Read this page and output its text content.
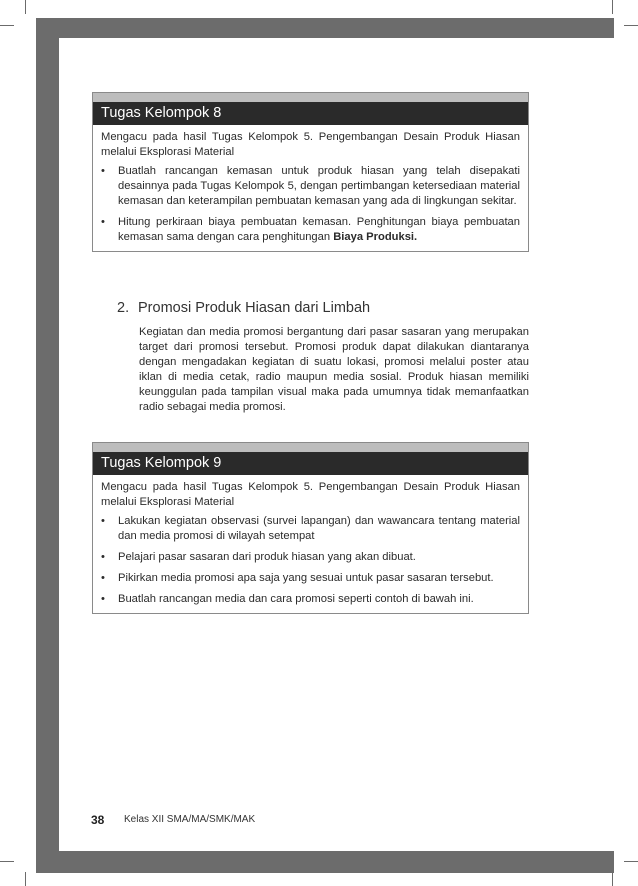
Tugas Kelompok 8

Mengacu pada hasil Tugas Kelompok 5. Pengembangan Desain Produk Hiasan melalui Eksplorasi Material

• Buatlah rancangan kemasan untuk produk hiasan yang telah disepakati desainnya pada Tugas Kelompok 5, dengan pertimbangan ketersediaan material kemasan dan keterampilan pembuatan kemasan yang ada di lingkungan sekitar.
• Hitung perkiraan biaya pembuatan kemasan. Penghitungan biaya pembuatan kemasan sama dengan cara penghitungan Biaya Produksi.
2. Promosi Produk Hiasan dari Limbah

Kegiatan dan media promosi bergantung dari pasar sasaran yang merupakan target dari promosi tersebut. Promosi produk dapat dilakukan diantaranya dengan mengadakan kegiatan di suatu lokasi, promosi melalui poster atau iklan di media cetak, radio maupun media sosial. Produk hiasan memiliki keunggulan pada tampilan visual maka pada umumnya tidak memanfaatkan radio sebagai media promosi.

Tugas Kelompok 9

Mengacu pada hasil Tugas Kelompok 5. Pengembangan Desain Produk Hiasan melalui Eksplorasi Material

• Lakukan kegiatan observasi (survei lapangan) dan wawancara tentang material dan media promosi di wilayah setempat
• Pelajari pasar sasaran dari produk hiasan yang akan dibuat.
• Pikirkan media promosi apa saja yang sesuai untuk pasar sasaran tersebut.
• Buatlah rancangan media dan cara promosi seperti contoh di bawah ini.
38 Kelas XII SMA/MA/SMK/MAK
